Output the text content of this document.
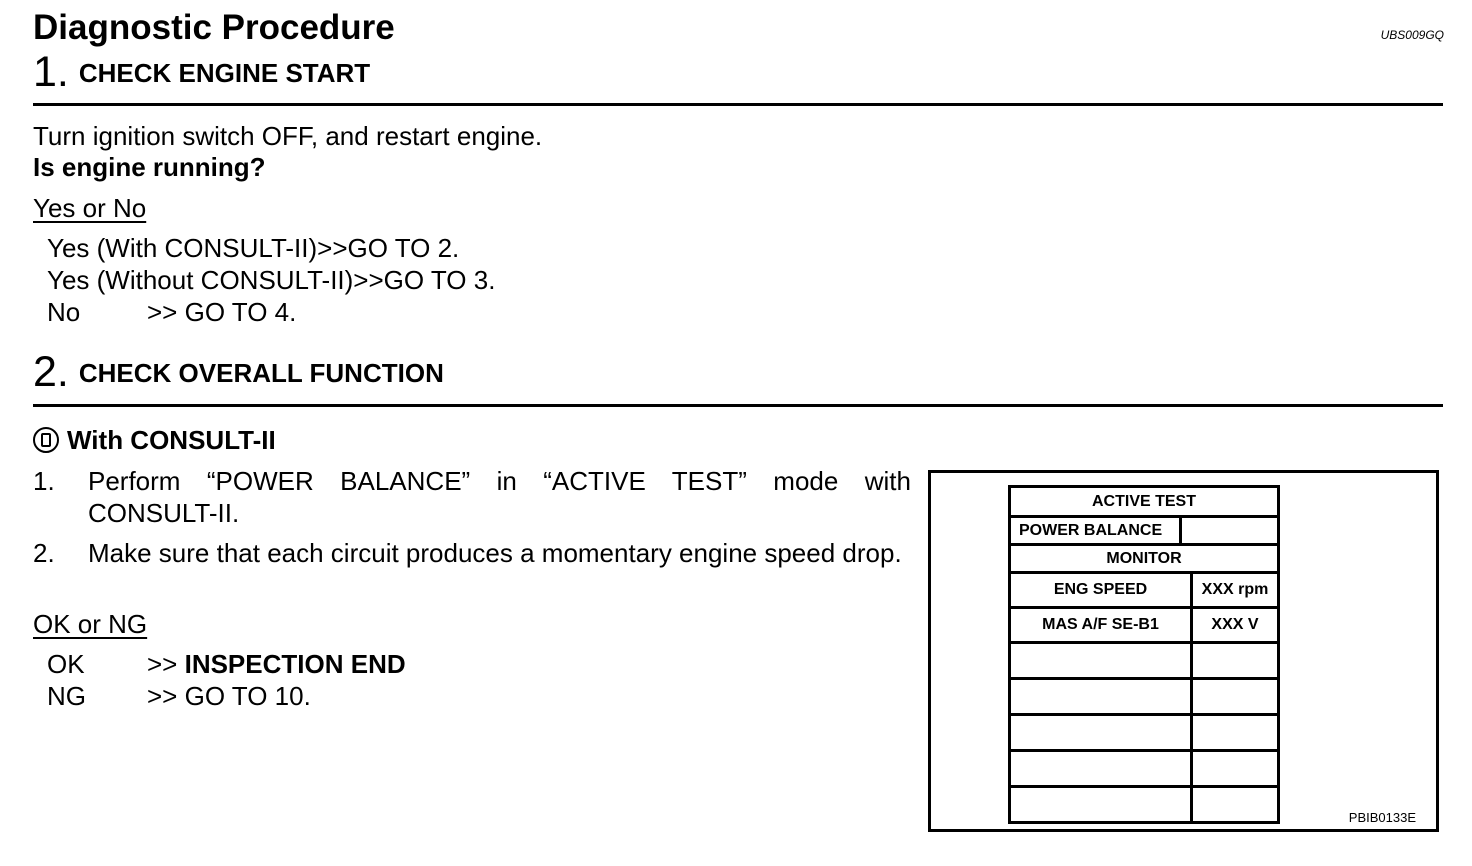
Diagnostic Procedure	UBS009GQ
1. CHECK ENGINE START
Turn ignition switch OFF, and restart engine.
Is engine running?
Yes or No
Yes (With CONSULT-II)>>GO TO 2.
Yes (Without CONSULT-II)>>GO TO 3.
No	>> GO TO 4.
2. CHECK OVERALL FUNCTION
With CONSULT-II
1. Perform “POWER BALANCE” in “ACTIVE TEST” mode with CONSULT-II.
2. Make sure that each circuit produces a momentary engine speed drop.
OK or NG
OK >> INSPECTION END
NG >> GO TO 10.
ACTIVE TEST		
POWER BALANCE		
MONITOR		
ENG SPEED		XXX rpm
MAS A/F SE-B1		XXX V

PBIB0133E
